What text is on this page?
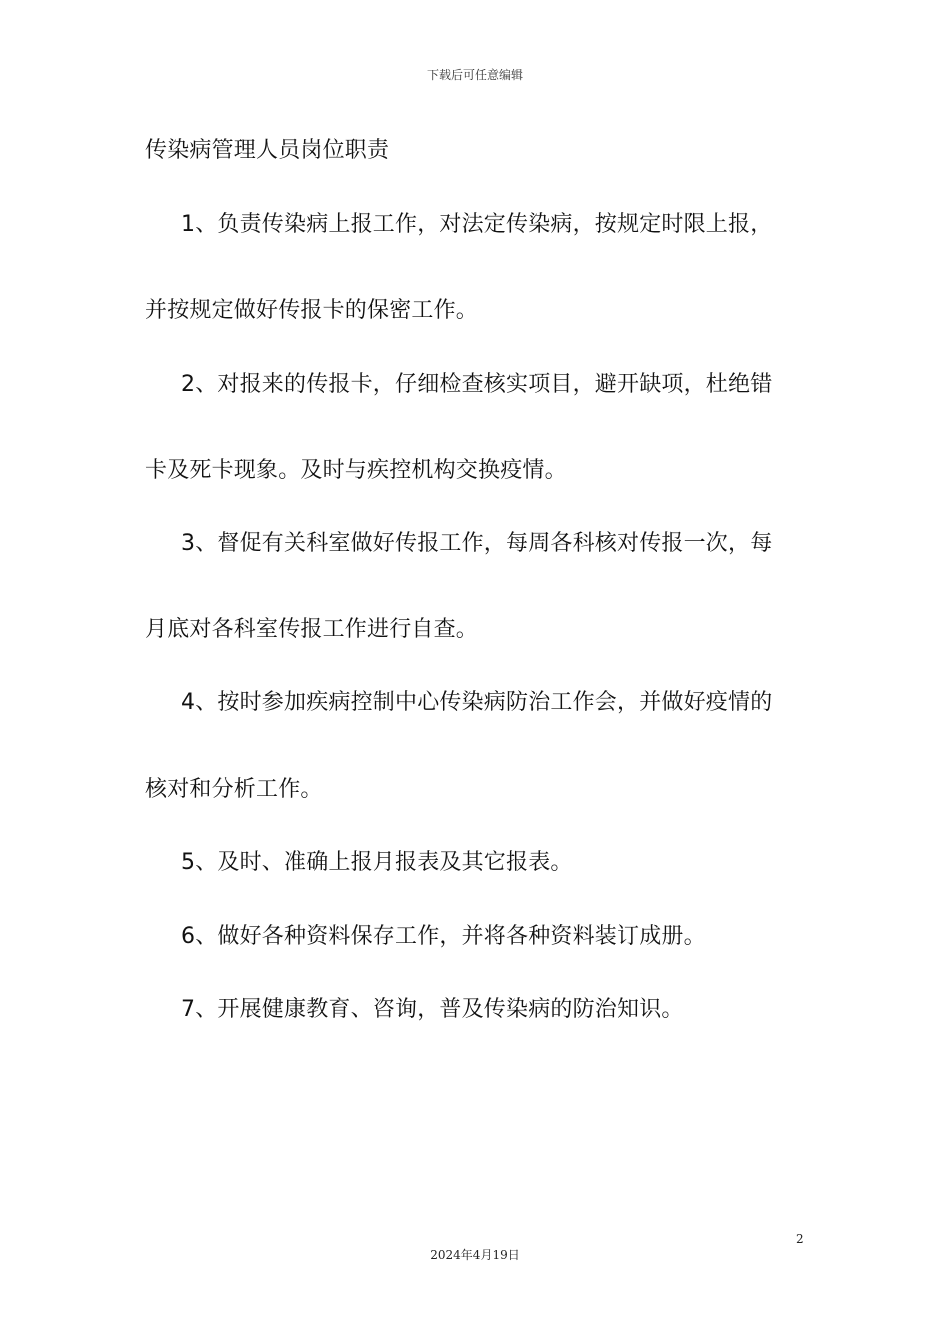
下载后可任意编辑
传染病管理人员岗位职责
1、负责传染病上报工作，对法定传染病，按规定时限上报，
并按规定做好传报卡的保密工作。
2、对报来的传报卡，仔细检查核实项目，避开缺项，杜绝错
卡及死卡现象。及时与疾控机构交换疫情。
3、督促有关科室做好传报工作，每周各科核对传报一次，每
月底对各科室传报工作进行自查。
4、按时参加疾病控制中心传染病防治工作会，并做好疫情的
核对和分析工作。
5、及时、准确上报月报表及其它报表。
6、做好各种资料保存工作，并将各种资料装订成册。
7、开展健康教育、咨询，普及传染病的防治知识。
2
2024年4月19日
